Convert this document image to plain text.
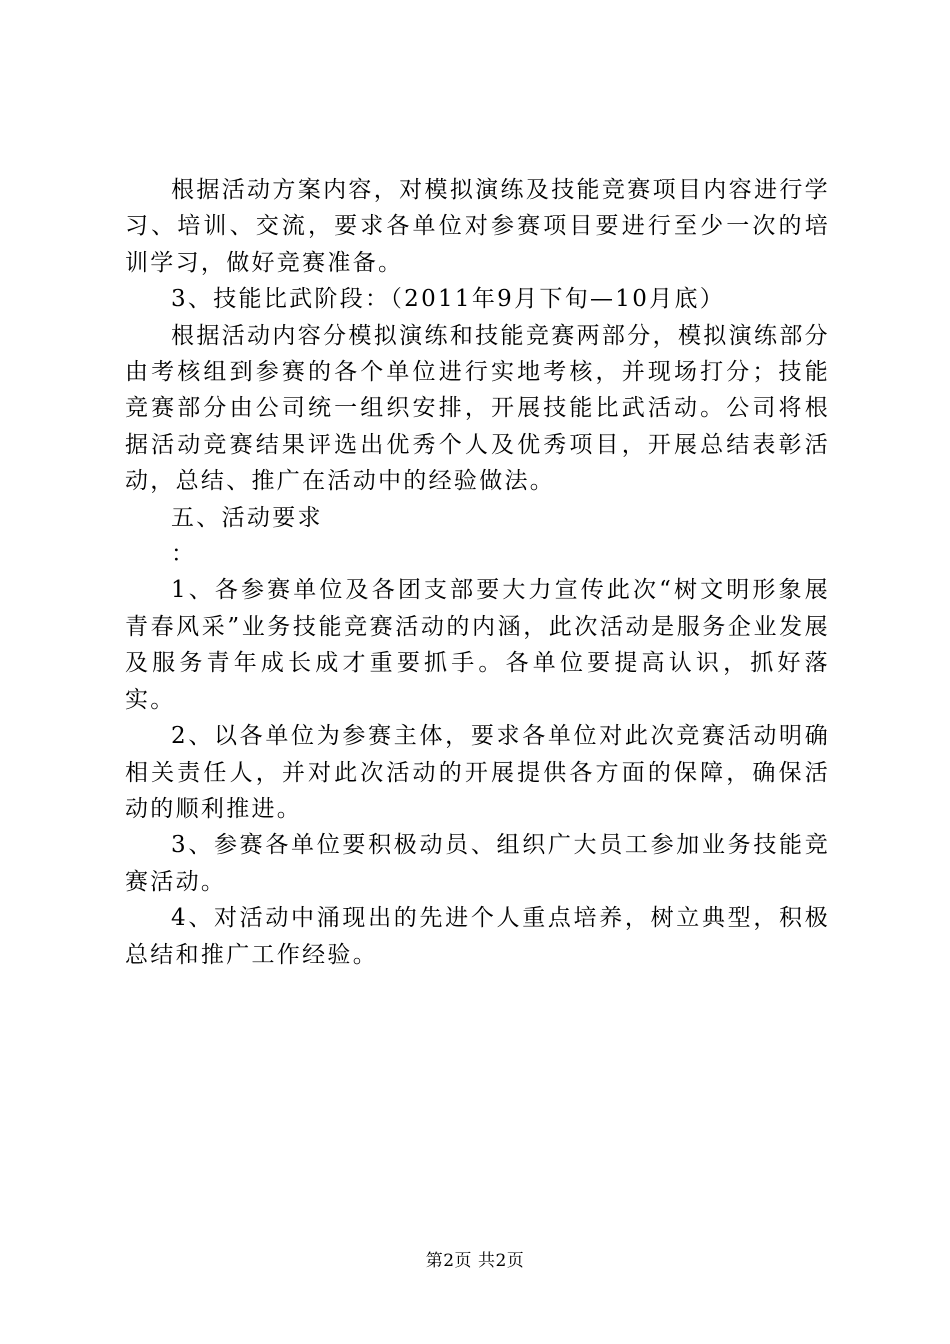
根据活动方案内容，对模拟演练及技能竞赛项目内容进行学习、培训、交流，要求各单位对参赛项目要进行至少一次的培训学习，做好竞赛准备。

3、技能比武阶段：（2011年9月下旬—10月底）

根据活动内容分模拟演练和技能竞赛两部分，模拟演练部分由考核组到参赛的各个单位进行实地考核，并现场打分；技能竞赛部分由公司统一组织安排，开展技能比武活动。公司将根据活动竞赛结果评选出优秀个人及优秀项目，开展总结表彰活动，总结、推广在活动中的经验做法。

五、活动要求

：

1、各参赛单位及各团支部要大力宣传此次“树文明形象展青春风采”业务技能竞赛活动的内涵，此次活动是服务企业发展及服务青年成长成才重要抓手。各单位要提高认识，抓好落实。

2、以各单位为参赛主体，要求各单位对此次竞赛活动明确相关责任人，并对此次活动的开展提供各方面的保障，确保活动的顺利推进。

3、参赛各单位要积极动员、组织广大员工参加业务技能竞赛活动。

4、对活动中涌现出的先进个人重点培养，树立典型，积极总结和推广工作经验。

第2页 共2页
